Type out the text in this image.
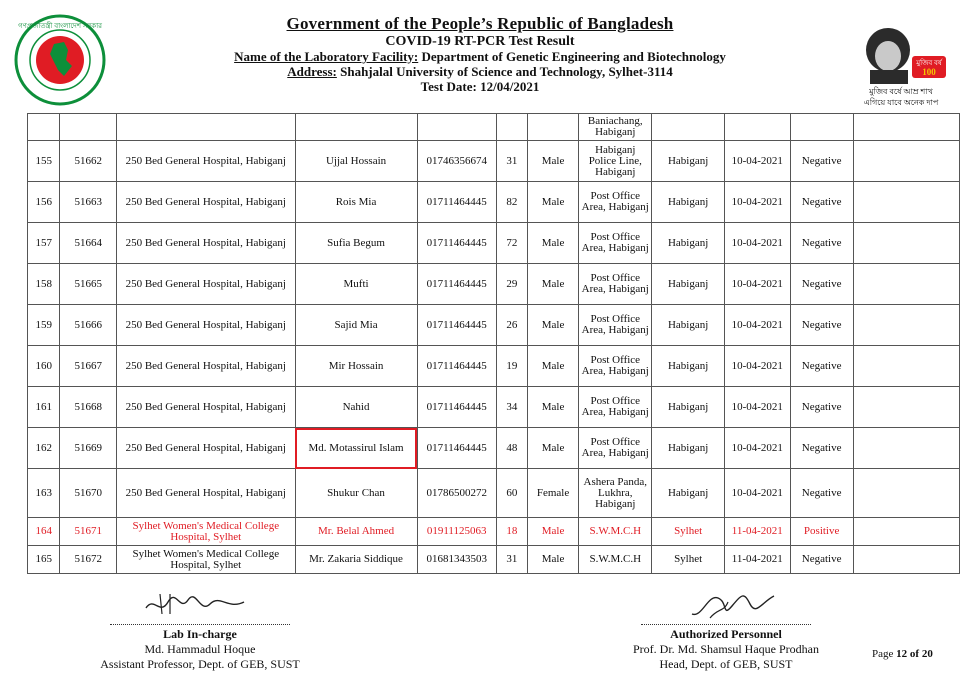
গণপ্রজাতন্ত্রী বাংলাদেশ সরকার
মুজিব বর্ষ
100
মুজিব বর্ষে আম্র শাখ
এগিয়ে যাবে অনেক দাপ
Government of the People’s Republic of Bangladesh
COVID-19 RT-PCR Test Result
Name of the Laboratory Facility: Department of Genetic Engineering and Biotechnology
Address: Shahjalal University of Science and Technology, Sylhet-3114
Test Date: 12/04/2021
							Baniachang, Habiganj				
155	51662	250 Bed General Hospital, Habiganj	Ujjal Hossain	01746356674	31	Male	Habiganj Police Line, Habiganj	Habiganj	10-04-2021	Negative	
156	51663	250 Bed General Hospital, Habiganj	Rois Mia	01711464445	82	Male	Post Office Area, Habiganj	Habiganj	10-04-2021	Negative	
157	51664	250 Bed General Hospital, Habiganj	Sufia Begum	01711464445	72	Male	Post Office Area, Habiganj	Habiganj	10-04-2021	Negative	
158	51665	250 Bed General Hospital, Habiganj	Mufti	01711464445	29	Male	Post Office Area, Habiganj	Habiganj	10-04-2021	Negative	
159	51666	250 Bed General Hospital, Habiganj	Sajid Mia	01711464445	26	Male	Post Office Area, Habiganj	Habiganj	10-04-2021	Negative	
160	51667	250 Bed General Hospital, Habiganj	Mir Hossain	01711464445	19	Male	Post Office Area, Habiganj	Habiganj	10-04-2021	Negative	
161	51668	250 Bed General Hospital, Habiganj	Nahid	01711464445	34	Male	Post Office Area, Habiganj	Habiganj	10-04-2021	Negative	
162	51669	250 Bed General Hospital, Habiganj	Md. Motassirul Islam	01711464445	48	Male	Post Office Area, Habiganj	Habiganj	10-04-2021	Negative	
163	51670	250 Bed General Hospital, Habiganj	Shukur Chan	01786500272	60	Female	Ashera Panda, Lukhra, Habiganj	Habiganj	10-04-2021	Negative	
164	51671	Sylhet Women's Medical College Hospital, Sylhet	Mr. Belal Ahmed	01911125063	18	Male	S.W.M.C.H	Sylhet	11-04-2021	Positive	
165	51672	Sylhet Women's Medical College Hospital, Sylhet	Mr. Zakaria Siddique	01681343503	31	Male	S.W.M.C.H	Sylhet	11-04-2021	Negative	
Lab In-charge
Md. Hammadul Hoque
Assistant Professor, Dept. of GEB, SUST
Authorized Personnel
Prof. Dr. Md. Shamsul Haque Prodhan
Head, Dept. of GEB, SUST
Page 12 of 20
